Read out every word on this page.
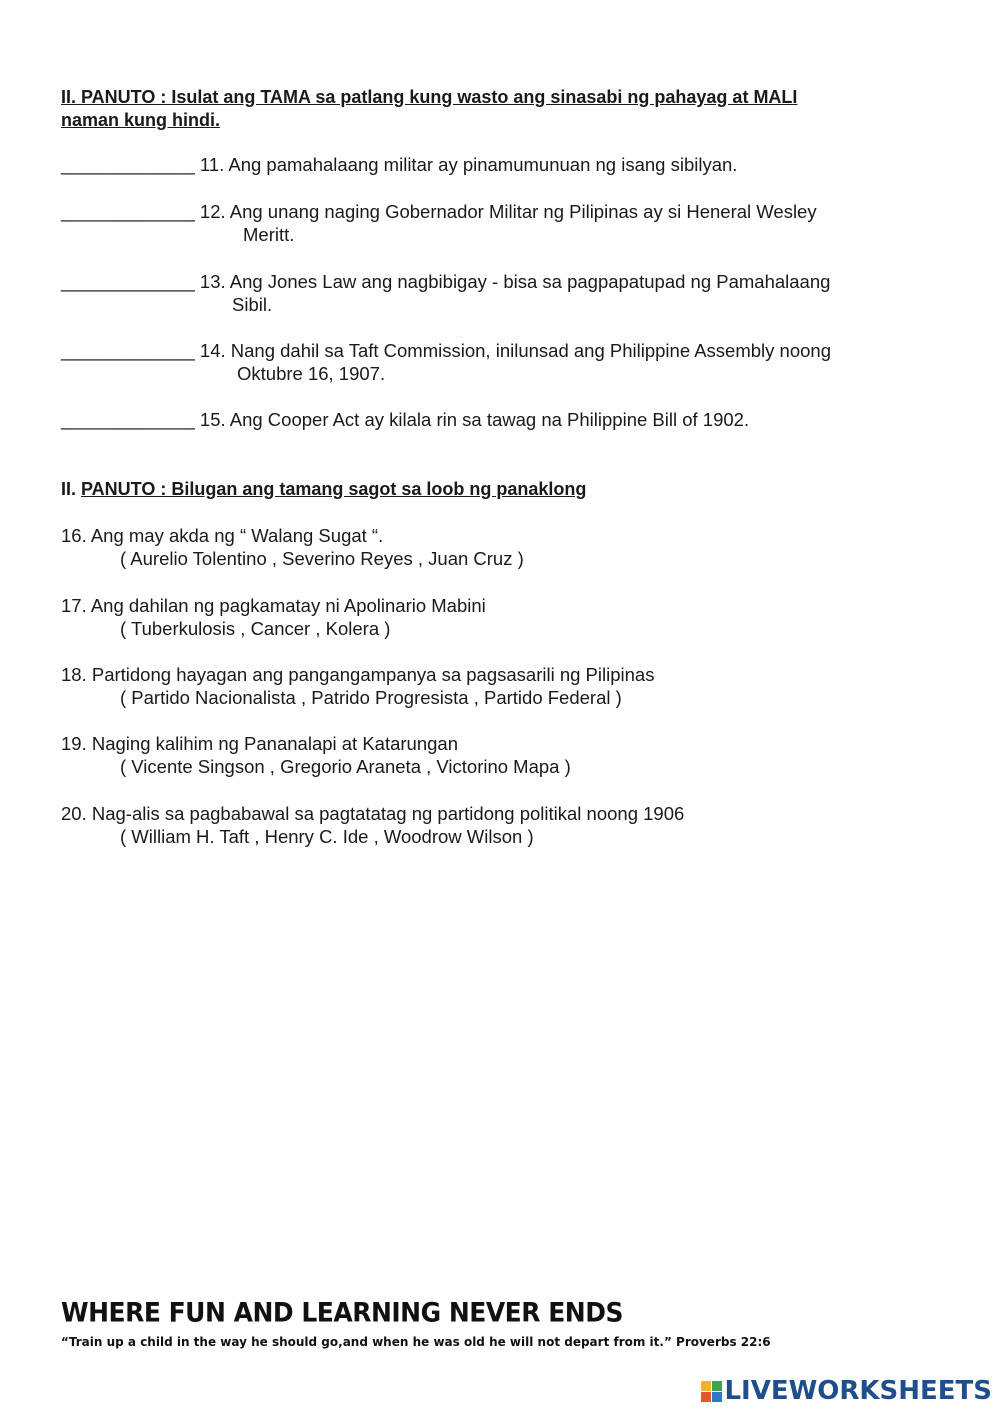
II. PANUTO : Isulat ang TAMA sa patlang kung wasto ang sinasabi ng pahayag at MALI
naman kung hindi.
_____________ 11. Ang pamahalaang militar ay pinamumunuan ng isang sibilyan.
_____________ 12. Ang unang naging Gobernador Militar ng Pilipinas ay si Heneral Wesley
Meritt.
_____________ 13. Ang Jones Law ang nagbibigay - bisa sa pagpapatupad ng Pamahalaang
Sibil.
_____________ 14. Nang dahil sa Taft Commission, inilunsad ang Philippine Assembly noong
Oktubre 16, 1907.
_____________ 15. Ang Cooper Act ay kilala rin sa tawag na Philippine Bill of 1902.
II. PANUTO : Bilugan ang tamang sagot sa loob ng panaklong
16. Ang may akda ng “ Walang Sugat “.
( Aurelio Tolentino , Severino Reyes , Juan Cruz )
17. Ang dahilan ng pagkamatay ni Apolinario Mabini
( Tuberkulosis , Cancer , Kolera )
18. Partidong hayagan ang pangangampanya sa pagsasarili ng Pilipinas
( Partido Nacionalista , Patrido Progresista , Partido Federal )
19. Naging kalihim ng Pananalapi at Katarungan
( Vicente Singson , Gregorio Araneta , Victorino Mapa )
20. Nag-alis sa pagbabawal sa pagtatatag ng partidong politikal noong 1906
( William H. Taft , Henry C. Ide , Woodrow Wilson )
WHERE FUN AND LEARNING NEVER ENDS
“Train up a child in the way he should go,and when he was old he will not depart from it.” Proverbs 22:6
LIVEWORKSHEETS
